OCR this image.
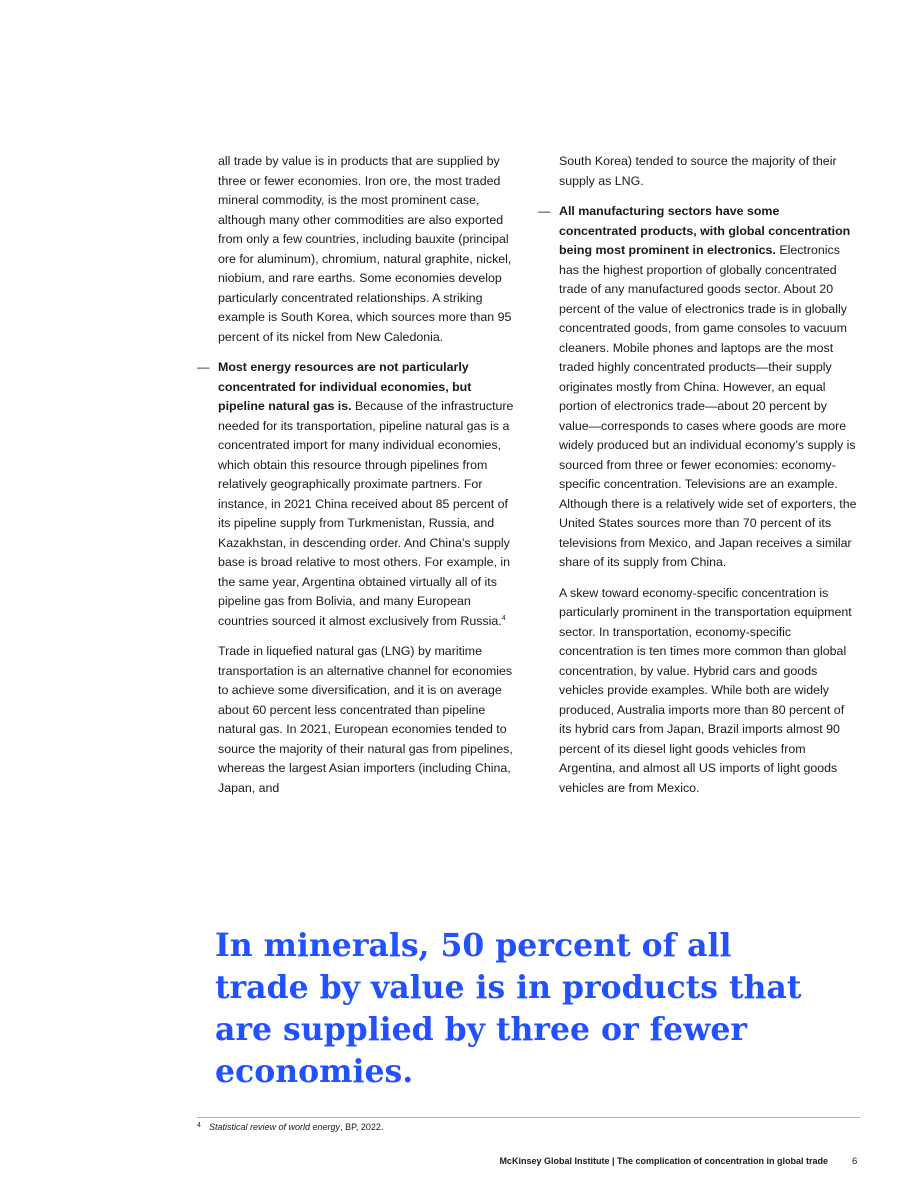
all trade by value is in products that are supplied by three or fewer economies. Iron ore, the most traded mineral commodity, is the most prominent case, although many other commodities are also exported from only a few countries, including bauxite (principal ore for aluminum), chromium, natural graphite, nickel, niobium, and rare earths. Some economies develop particularly concentrated relationships. A striking example is South Korea, which sources more than 95 percent of its nickel from New Caledonia.

— Most energy resources are not particularly concentrated for individual economies, but pipeline natural gas is. Because of the infrastructure needed for its transportation, pipeline natural gas is a concentrated import for many individual economies, which obtain this resource through pipelines from relatively geographically proximate partners. For instance, in 2021 China received about 85 percent of its pipeline supply from Turkmenistan, Russia, and Kazakhstan, in descending order. And China’s supply base is broad relative to most others. For example, in the same year, Argentina obtained virtually all of its pipeline gas from Bolivia, and many European countries sourced it almost exclusively from Russia.$^4$

Trade in liquefied natural gas (LNG) by maritime transportation is an alternative channel for economies to achieve some diversification, and it is on average about 60 percent less concentrated than pipeline natural gas. In 2021, European economies tended to source the majority of their natural gas from pipelines, whereas the largest Asian importers (including China, Japan, and

South Korea) tended to source the majority of their supply as LNG.

— All manufacturing sectors have some concentrated products, with global concentration being most prominent in electronics. Electronics has the highest proportion of globally concentrated trade of any manufactured goods sector. About 20 percent of the value of electronics trade is in globally concentrated goods, from game consoles to vacuum cleaners. Mobile phones and laptops are the most traded highly concentrated products—their supply originates mostly from China. However, an equal portion of electronics trade—about 20 percent by value—corresponds to cases where goods are more widely produced but an individual economy’s supply is sourced from three or fewer economies: economy-specific concentration. Televisions are an example. Although there is a relatively wide set of exporters, the United States sources more than 70 percent of its televisions from Mexico, and Japan receives a similar share of its supply from China.

A skew toward economy-specific concentration is particularly prominent in the transportation equipment sector. In transportation, economy-specific concentration is ten times more common than global concentration, by value. Hybrid cars and goods vehicles provide examples. While both are widely produced, Australia imports more than 80 percent of its hybrid cars from Japan, Brazil imports almost 90 percent of its diesel light goods vehicles from Argentina, and almost all US imports of light goods vehicles are from Mexico.

In minerals, 50 percent of all trade by value is in products that are supplied by three or fewer economies.
4 Statistical review of world energy, BP, 2022.
McKinsey Global Institute | The complication of concentration in global trade	6
